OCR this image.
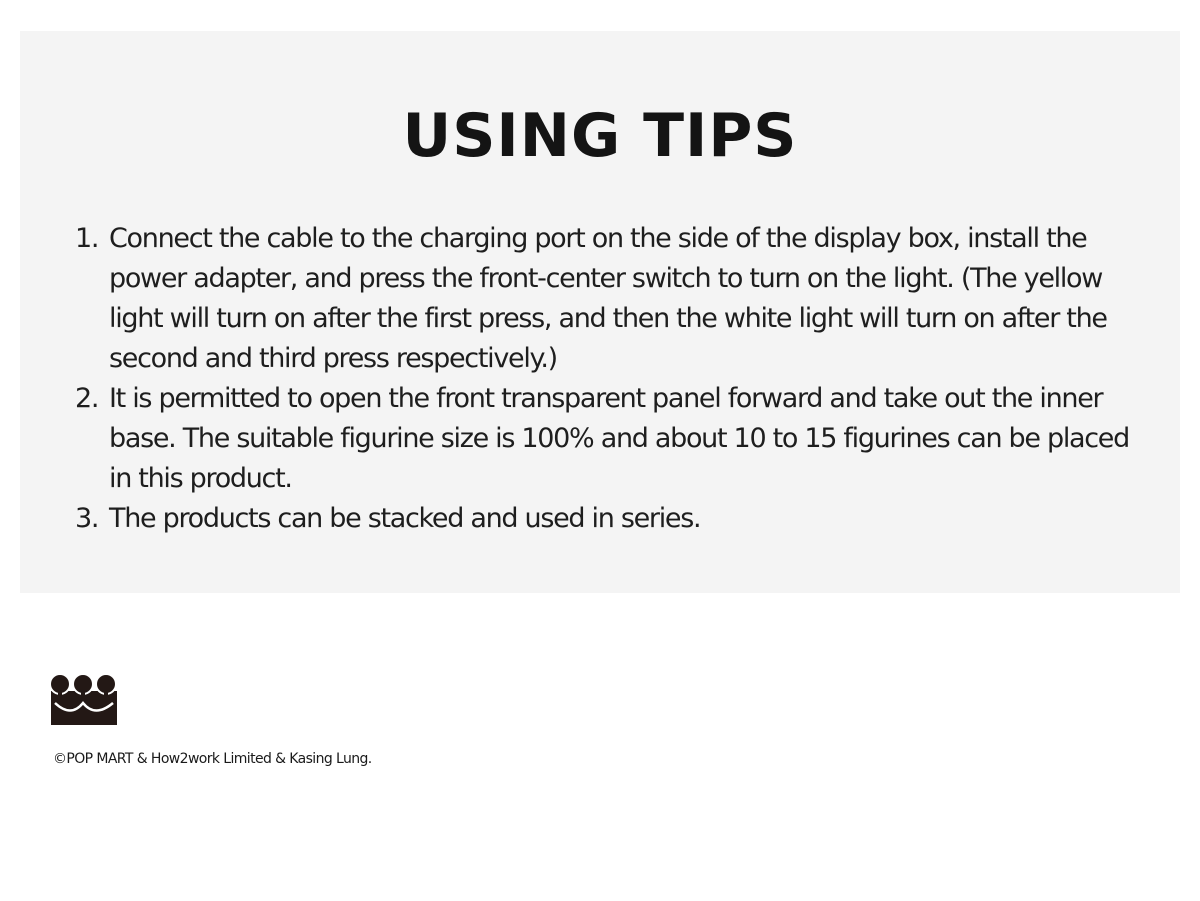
USING TIPS
1. Connect the cable to the charging port on the side of the display box, install the power adapter, and press the front-center switch to turn on the light. (The yellow light will turn on after the first press, and then the white light will turn on after the second and third press respectively.)
2. It is permitted to open the front transparent panel forward and take out the inner base. The suitable figurine size is 100% and about 10 to 15 figurines can be placed in this product.
3. The products can be stacked and used in series.

©POP MART & How2work Limited & Kasing Lung.
